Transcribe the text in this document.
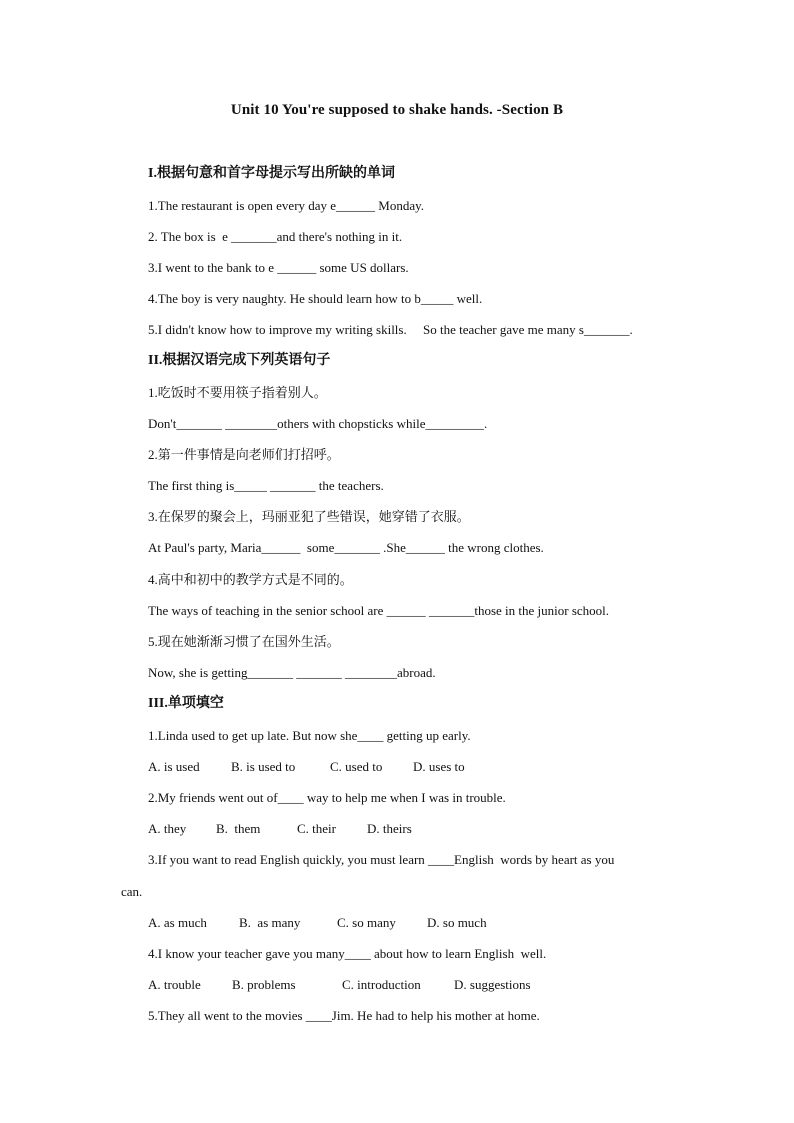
Unit 10 You're supposed to shake hands. -Section B
I.根据句意和首字母提示写出所缺的单词
1.The restaurant is open every day e______ Monday.
2. The box is  e _______and there's nothing in it.
3.I went to the bank to e ______ some US dollars.
4.The boy is very naughty. He should learn how to b_____ well.
5.I didn't know how to improve my writing skills.     So the teacher gave me many s_______.
II.根据汉语完成下列英语句子
1.吃饭时不要用筷子指着别人。
Don't_______ ________others with chopsticks while_________.
2.第一件事情是向老师们打招呼。
The first thing is_____ _______ the teachers.
3.在保罗的聚会上，玛丽亚犯了些错误，她穿错了衣服。
At Paul's party, Maria______  some_______ .She______ the wrong clothes.
4.高中和初中的教学方式是不同的。
The ways of teaching in the senior school are ______ _______those in the junior school.
5.现在她渐渐习惯了在国外生活。
Now, she is getting_______ _______ ________abroad.
III.单项填空
1.Linda used to get up late. But now she____ getting up early.
A. is used	B. is used to	C. used to	D. uses to
2.My friends went out of____ way to help me when I was in trouble.
A. they	B.  them	C. their	D. theirs
3.If you want to read English quickly, you must learn ____English  words by heart as you
can.
A. as much	B.  as many	C. so many	D. so much
4.I know your teacher gave you many____ about how to learn English  well.
A. trouble	B. problems	C. introduction	D. suggestions
5.They all went to the movies ____Jim. He had to help his mother at home.
